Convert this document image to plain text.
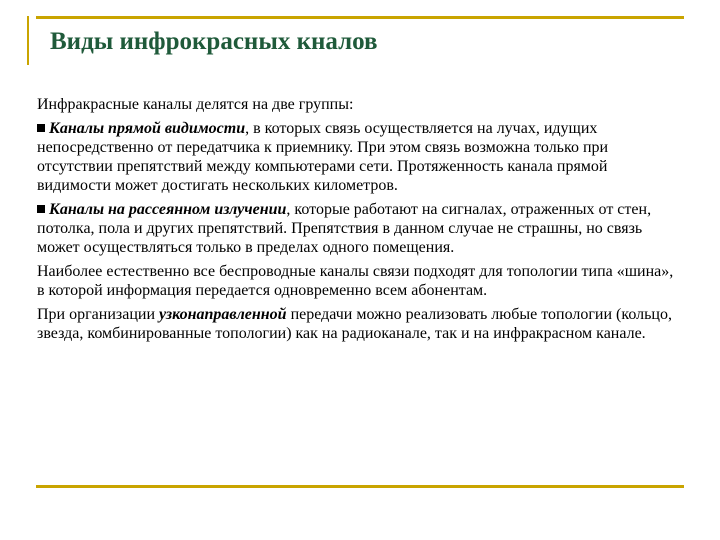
Виды инфрокрасных кналов

Инфракрасные каналы делятся на две группы:

Каналы прямой видимости, в которых связь осуществляется на лучах, идущих непосредственно от передатчика к приемнику. При этом связь возможна только при отсутствии препятствий между компьютерами сети. Протяженность канала прямой видимости может достигать нескольких километров.

Каналы на рассеянном излучении, которые работают на сигналах, отраженных от стен, потолка, пола и других препятствий. Препятствия в данном случае не страшны, но связь может осуществляться только в пределах одного помещения.

Наиболее естественно все беспроводные каналы связи подходят для топологии типа «шина», в которой информация передается одновременно всем абонентам.

При организации узконаправленной передачи можно реализовать любые топологии (кольцо, звезда, комбинированные топологии) как на радиоканале, так и на инфракрасном канале.
